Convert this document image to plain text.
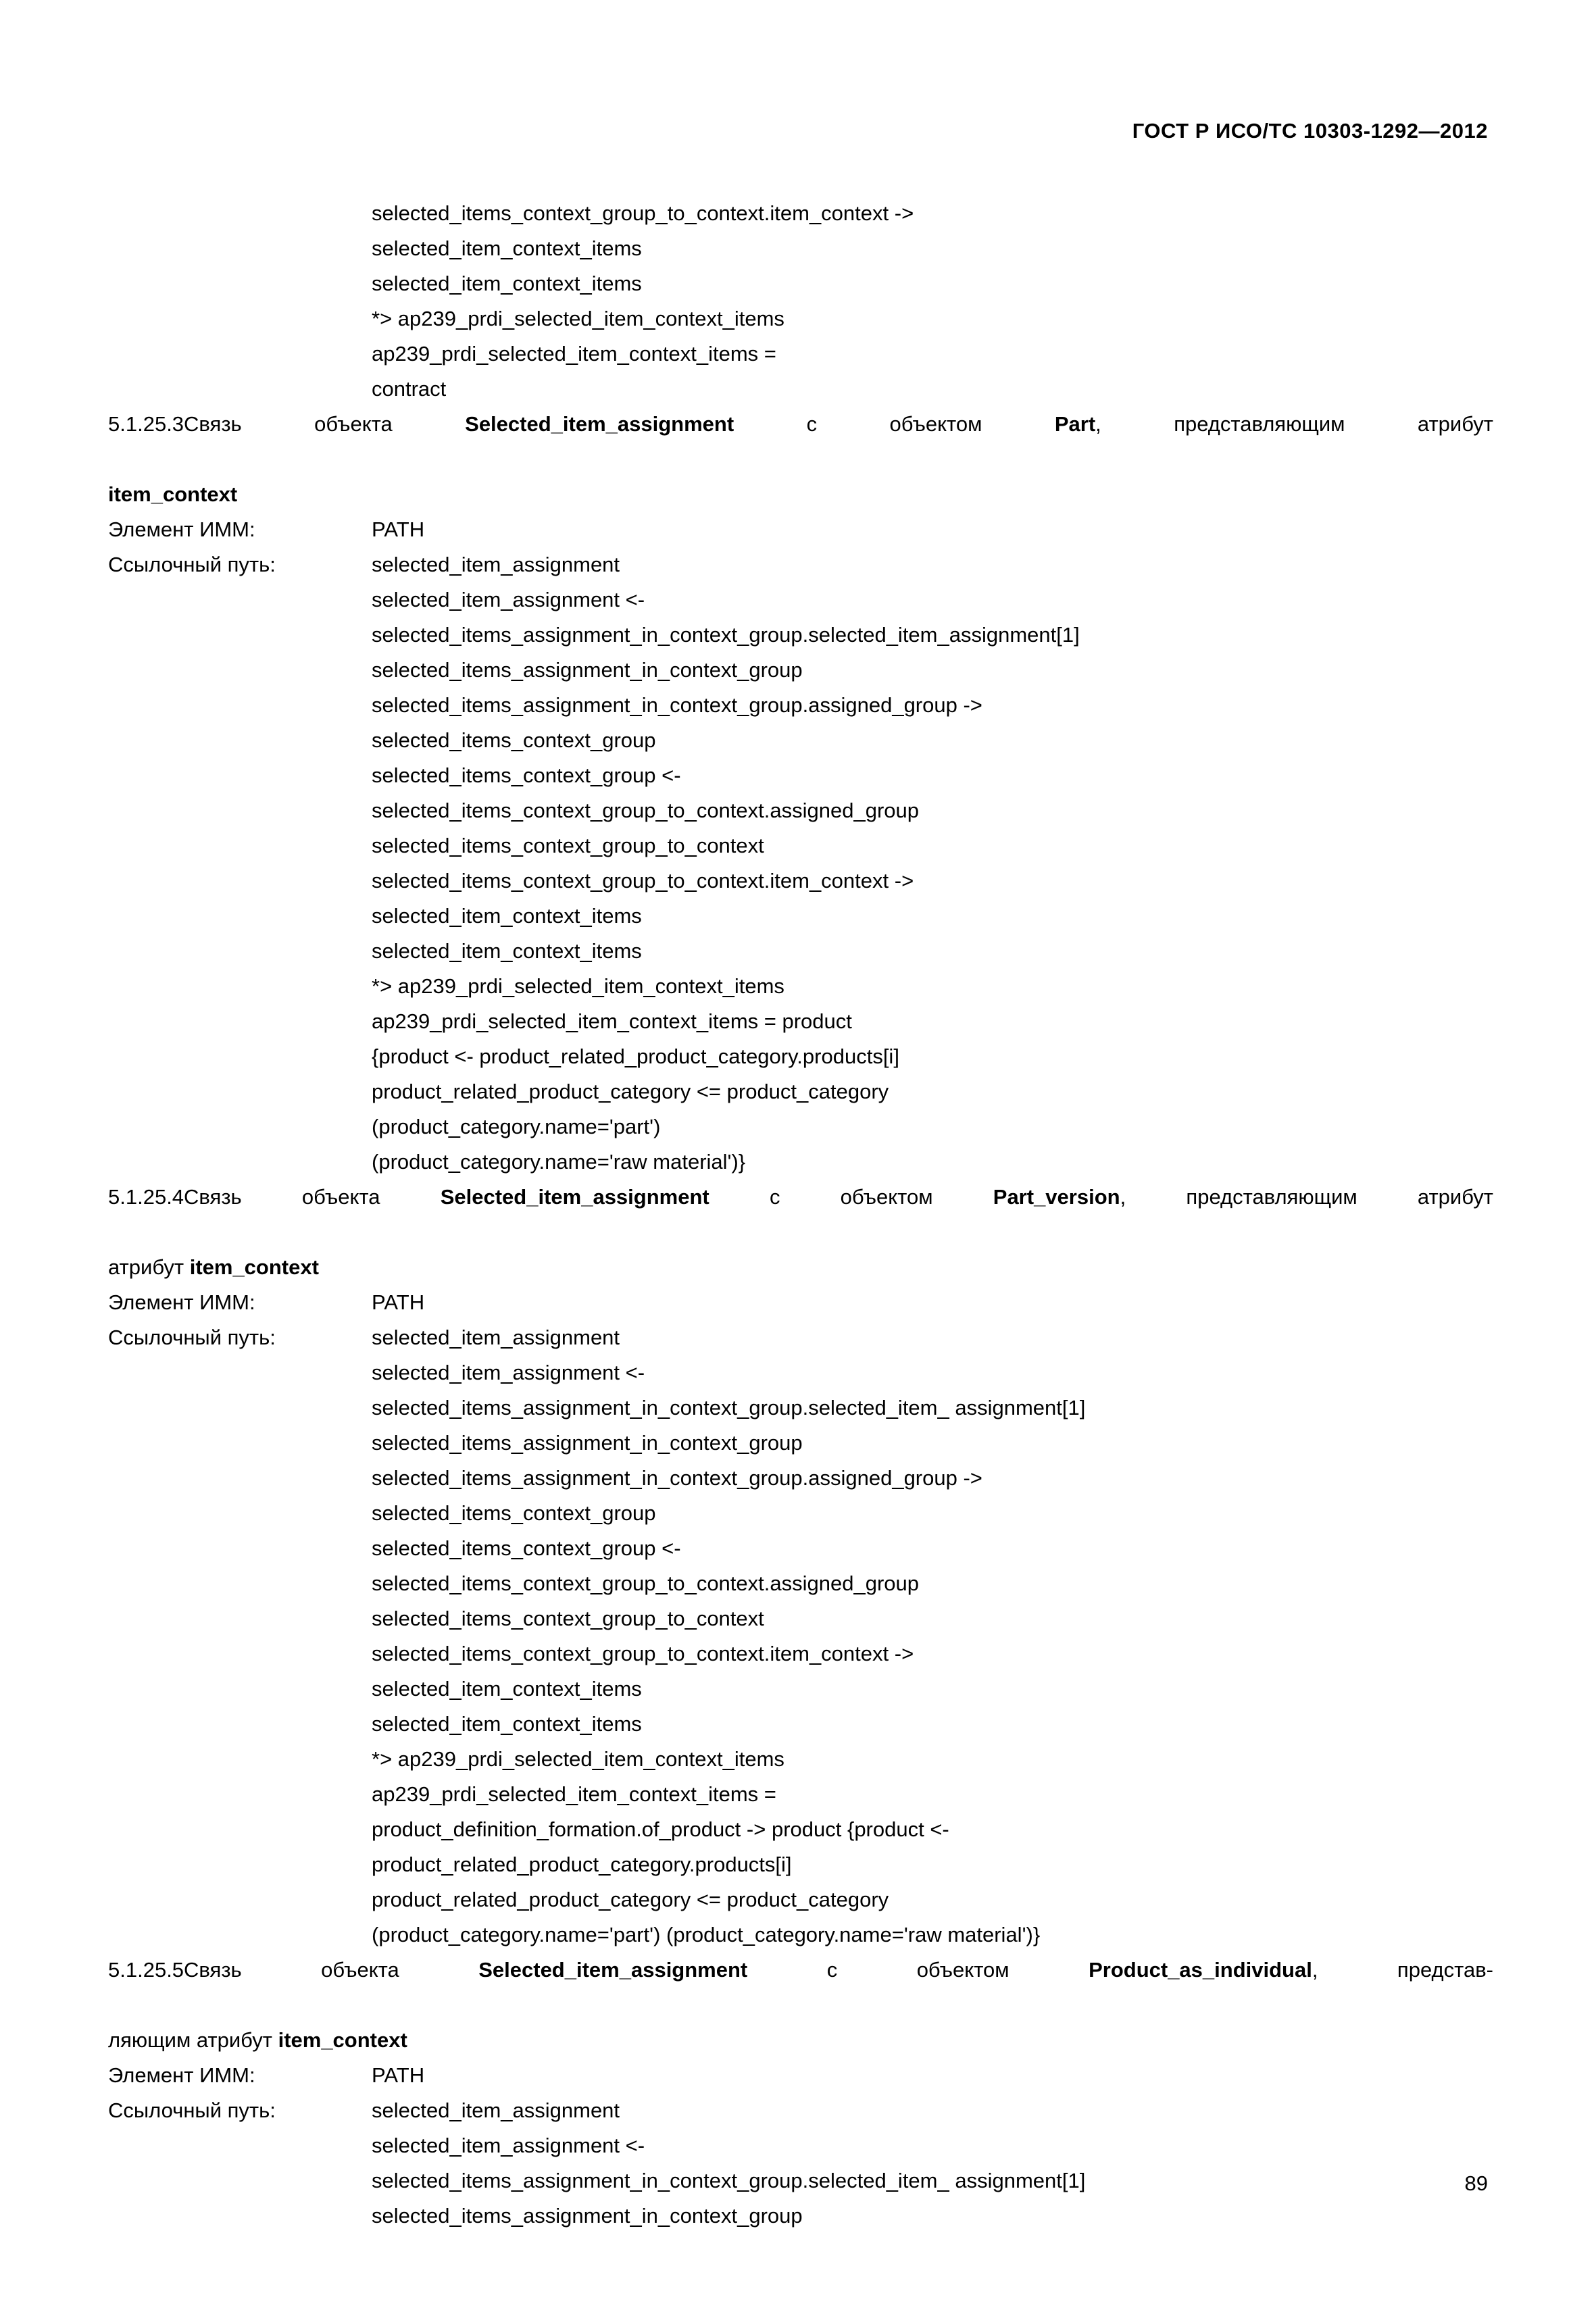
ГОСТ Р ИСО/ТС 10303-1292—2012
selected_items_context_group_to_context.item_context ->
selected_item_context_items
selected_item_context_items
*> ap239_prdi_selected_item_context_items
ap239_prdi_selected_item_context_items =
contract
5.1.25.3Связь объекта Selected_item_assignment с объектом Part, представляющим атрибут
item_context
Элемент ИММ:	PATH
Ссылочный путь:	selected_item_assignment
selected_item_assignment <-
selected_items_assignment_in_context_group.selected_item_assignment[1]
selected_items_assignment_in_context_group
selected_items_assignment_in_context_group.assigned_group ->
selected_items_context_group
selected_items_context_group <-
selected_items_context_group_to_context.assigned_group
selected_items_context_group_to_context
selected_items_context_group_to_context.item_context ->
selected_item_context_items
selected_item_context_items
*> ap239_prdi_selected_item_context_items
ap239_prdi_selected_item_context_items = product
{product <- product_related_product_category.products[i]
product_related_product_category <= product_category
(product_category.name='part')
(product_category.name='raw material')}
5.1.25.4Связь объекта Selected_item_assignment с объектом Part_version, представляющим атрибут
атрибут item_context
Элемент ИММ:	PATH
Ссылочный путь:	selected_item_assignment
selected_item_assignment <-
selected_items_assignment_in_context_group.selected_item_ assignment[1]
selected_items_assignment_in_context_group
selected_items_assignment_in_context_group.assigned_group ->
selected_items_context_group
selected_items_context_group <-
selected_items_context_group_to_context.assigned_group
selected_items_context_group_to_context
selected_items_context_group_to_context.item_context ->
selected_item_context_items
selected_item_context_items
*> ap239_prdi_selected_item_context_items
ap239_prdi_selected_item_context_items =
product_definition_formation.of_product -> product {product <-
product_related_product_category.products[i]
product_related_product_category <= product_category
(product_category.name='part') (product_category.name='raw material')}
5.1.25.5Связь объекта Selected_item_assignment с объектом Product_as_individual, представ-
ляющим атрибут item_context
Элемент ИММ:	PATH
Ссылочный путь:	selected_item_assignment
selected_item_assignment <-
selected_items_assignment_in_context_group.selected_item_ assignment[1]
selected_items_assignment_in_context_group
89
